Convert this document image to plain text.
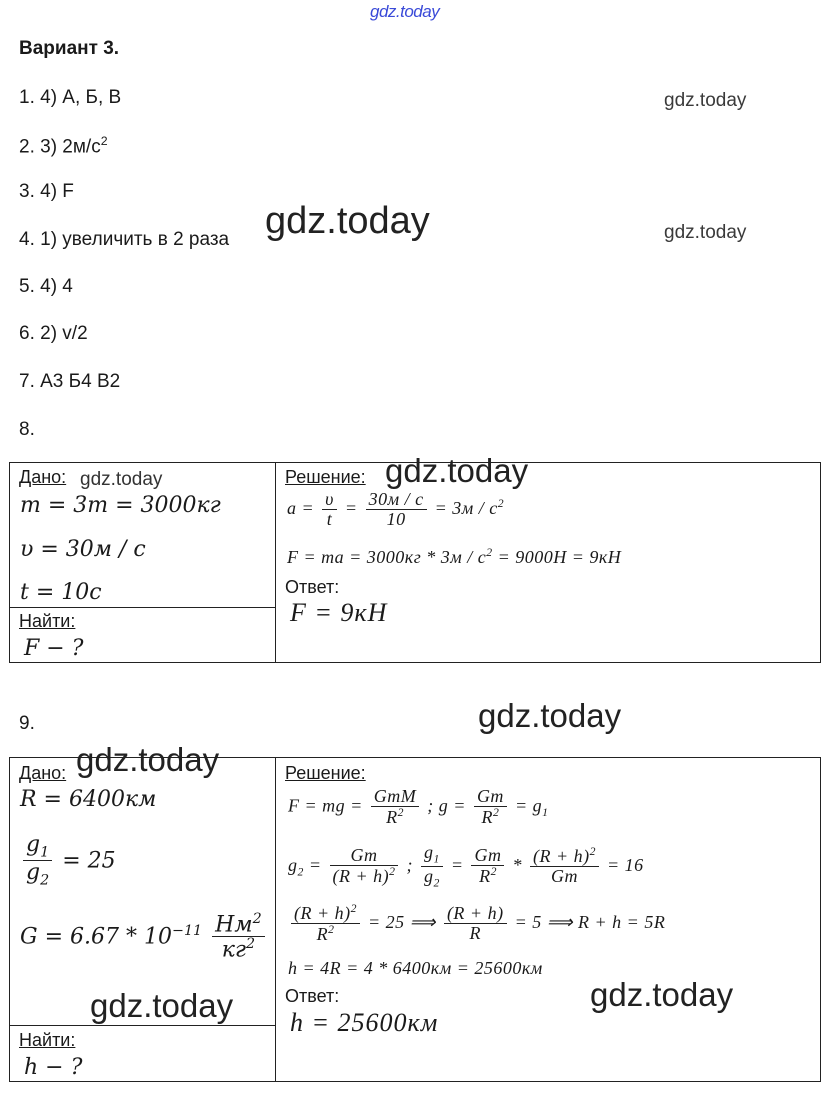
gdz.today
Вариант 3.
1. 4) А, Б, В
2. 3) $2м/с^2$
3. 4) F
4. 1) увеличить в 2 раза
5. 4) 4
6. 2) v/2
7. А3 Б4 В2
8.
gdz.today
gdz.today	gdz.today
Дано: gdz.today
m = 3т = 3000кг
υ = 30м / с
t = 10с
Найти:
F − ?
Решение: gdz.today
$a = \frac{\upsilon}{t} = \frac{30м / с}{10} = 3м / с^2$
F = ma = $3000кг * 3м / с^2 = 9000Н = 9кН$
Ответ:
F = 9кН
9.	gdz.today
Дано: gdz.today
R = 6400км
$\frac{g_1}{g_2} = 25$
$G = 6.67 * 10^{-11} \frac{Нм^2}{кг^2}$
gdz.today
Найти:
h − ?
Решение:
F = mg = $\frac{\text{GmM}}{R^2}$ ; $g = \frac{Gm}{R^2} = g_1$
$g_2 = \frac{Gm}{(R + h)^2}$ ; $\frac{g_1}{g_2} = \frac{Gm}{R^2} * \frac{(R + h)^2}{Gm} = 16$
$\frac{(R + h)^2}{R^2} = 25$ ⟹ $\frac{(R + h)}{R} = 5$ ⟹ R + h = 5R
h = 4R = 4 * 6400км = 25600км
Ответ:	gdz.today
h = 25600км
